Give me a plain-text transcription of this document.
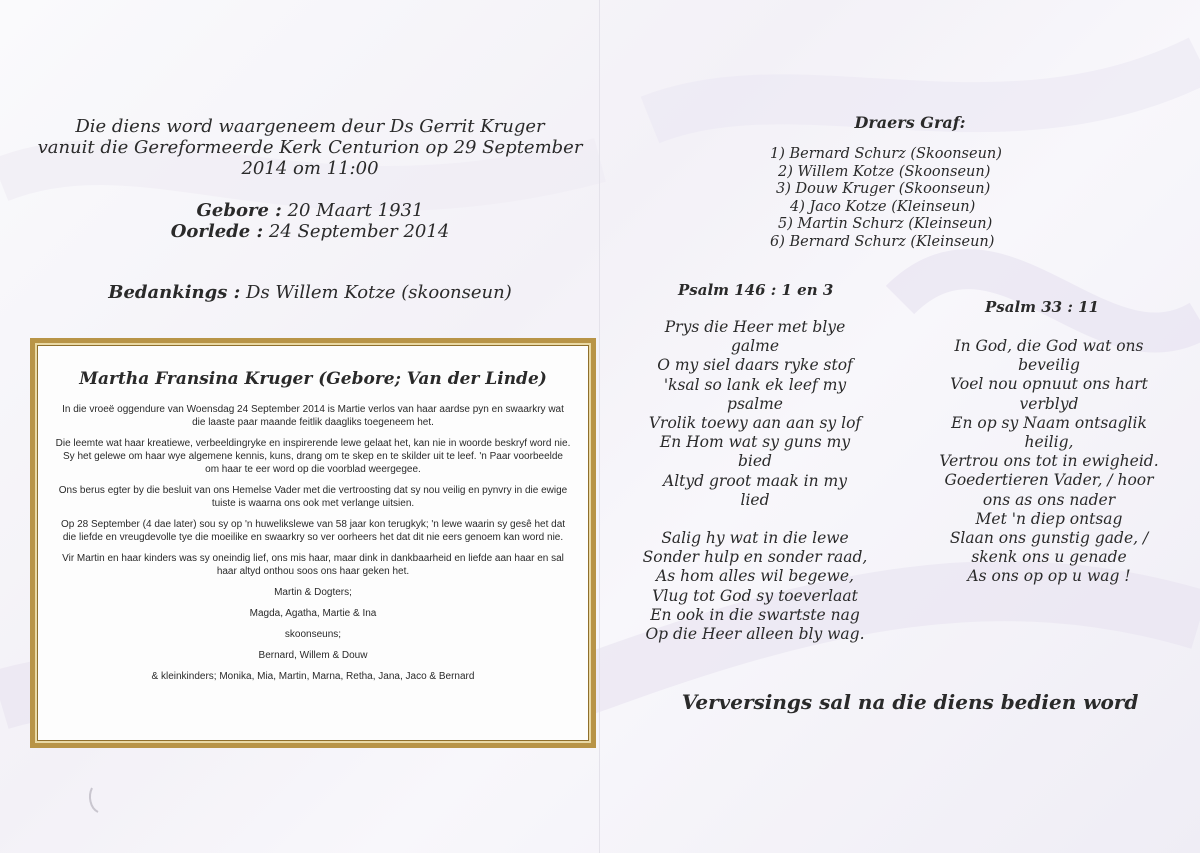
Die diens word waargeneem deur Ds Gerrit Kruger
vanuit die Gereformeerde Kerk Centurion op 29 September
2014 om 11:00
Gebore : 20 Maart 1931
Oorlede : 24 September 2014
Bedankings : Ds Willem Kotze (skoonseun)
Martha Fransina Kruger (Gebore; Van der Linde)

In die vroeë oggendure van Woensdag 24 September 2014 is Martie verlos van haar aardse pyn en swaarkry wat die laaste paar maande feitlik daagliks toegeneem het.

Die leemte wat haar kreatiewe, verbeeldingryke en inspirerende lewe gelaat het, kan nie in woorde beskryf word nie. Sy het gelewe om haar wye algemene kennis, kuns, drang om te skep en te skilder uit te leef. 'n Paar voorbeelde om haar te eer word op die voorblad weergegee.

Ons berus egter by die besluit van ons Hemelse Vader met die vertroosting dat sy nou veilig en pynvry in die ewige tuiste is waarna ons ook met verlange uitsien.

Op 28 September (4 dae later) sou sy op 'n huwelikslewe van 58 jaar kon terugkyk; 'n lewe waarin sy gesê het dat die liefde en vreugdevolle tye die moeilike en swaarkry so ver oorheers het dat dit nie eers genoem kan word nie.

Vir Martin en haar kinders was sy oneindig lief, ons mis haar, maar dink in dankbaarheid en liefde aan haar en sal haar altyd onthou soos ons haar geken het.

Martin & Dogters;

Magda, Agatha, Martie & Ina

skoonseuns;

Bernard, Willem & Douw

& kleinkinders; Monika, Mia, Martin, Marna, Retha, Jana, Jaco & Bernard

Draers Graf:
1) Bernard Schurz (Skoonseun)
2) Willem Kotze (Skoonseun)
3) Douw Kruger (Skoonseun)
4) Jaco Kotze (Kleinseun)
5) Martin Schurz (Kleinseun)
6) Bernard Schurz (Kleinseun)
Psalm 146 : 1 en 3
Prys die Heer met blye
galme
O my siel daars ryke stof
'ksal so lank ek leef my
psalme
Vrolik toewy aan aan sy lof
En Hom wat sy guns my
bied
Altyd groot maak in my
lied
Salig hy wat in die lewe
Sonder hulp en sonder raad,
As hom alles wil begewe,
Vlug tot God sy toeverlaat
En ook in die swartste nag
Op die Heer alleen bly wag.
Psalm 33 : 11
In God, die God wat ons
beveilig
Voel nou opnuut ons hart
verblyd
En op sy Naam ontsaglik
heilig,
Vertrou ons tot in ewigheid.
Goedertieren Vader, / hoor
ons as ons nader
Met 'n diep ontsag
Slaan ons gunstig gade, /
skenk ons u genade
As ons op op u wag !
Verversings sal na die diens bedien word
